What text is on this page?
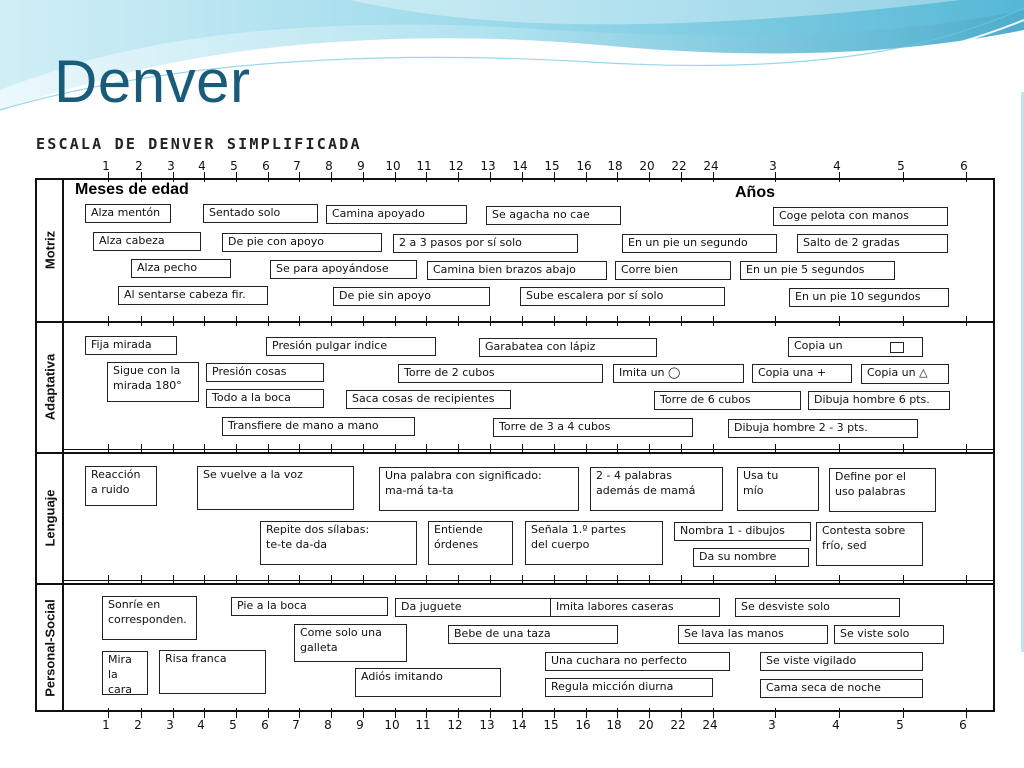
Denver
ESCALA DE DENVER SIMPLIFICADA
1 2 3 4 5 6 7 8 9 10 11 12 13 14 15 16 18 20 22 24	3	4	5	6
Motriz
Meses de edad	Años
Alza mentón	Sentado solo	Camina apoyado	Se agacha no cae	Coge pelota con manos
Alza cabeza	De pie con apoyo	2 a 3 pasos por sí solo	En un pie un segundo	Salto de 2 gradas
Alza pecho	Se para apoyándose	Camina bien brazos abajo	Corre bien	En un pie 5 segundos
Al sentarse cabeza fir.	De pie sin apoyo	Sube escalera por sí solo	En un pie 10 segundos
Adaptativa
Fija mirada	Presión pulgar indice	Garabatea con lápiz	Copia un
Sigue con la
mirada 180°
Presión cosas	Torre de 2 cubos	Imita un ◯	Copia una +	Copia un △
Todo a la boca	Saca cosas de recipientes	Torre de 6 cubos	Dibuja hombre 6 pts.
Transfiere de mano a mano	Torre de 3 a 4 cubos	Dibuja hombre 2 - 3 pts.
Lenguaje
Reacción
a ruido
Se vuelve a la voz	Una palabra con significado:
ma-má ta-ta
2 - 4 palabras
además de mamá
Usa tu
mío
Define por el
uso palabras
Repite dos sílabas:
te-te da-da
Entiende
órdenes
Señala 1.º partes
del cuerpo
Nombra 1 - dibujos	Contesta sobre
frío, sed
Da su nombre
Personal-Social	Sonríe en
corresponden.
Pie a la boca	Da juguete	Imita labores caseras	Se desviste solo
Come solo una
galleta
Bebe de una taza	Se lava las manos	Se viste solo
Mira
la cara
Risa franca	Una cuchara no perfecto	Se viste vigilado
Adiós imitando
Regula micción diurna	Cama seca de noche
1 2 3 4 5 6 7 8 9 10 11 12 13 14 15 16 18 20 22 24	3	4	5	6
